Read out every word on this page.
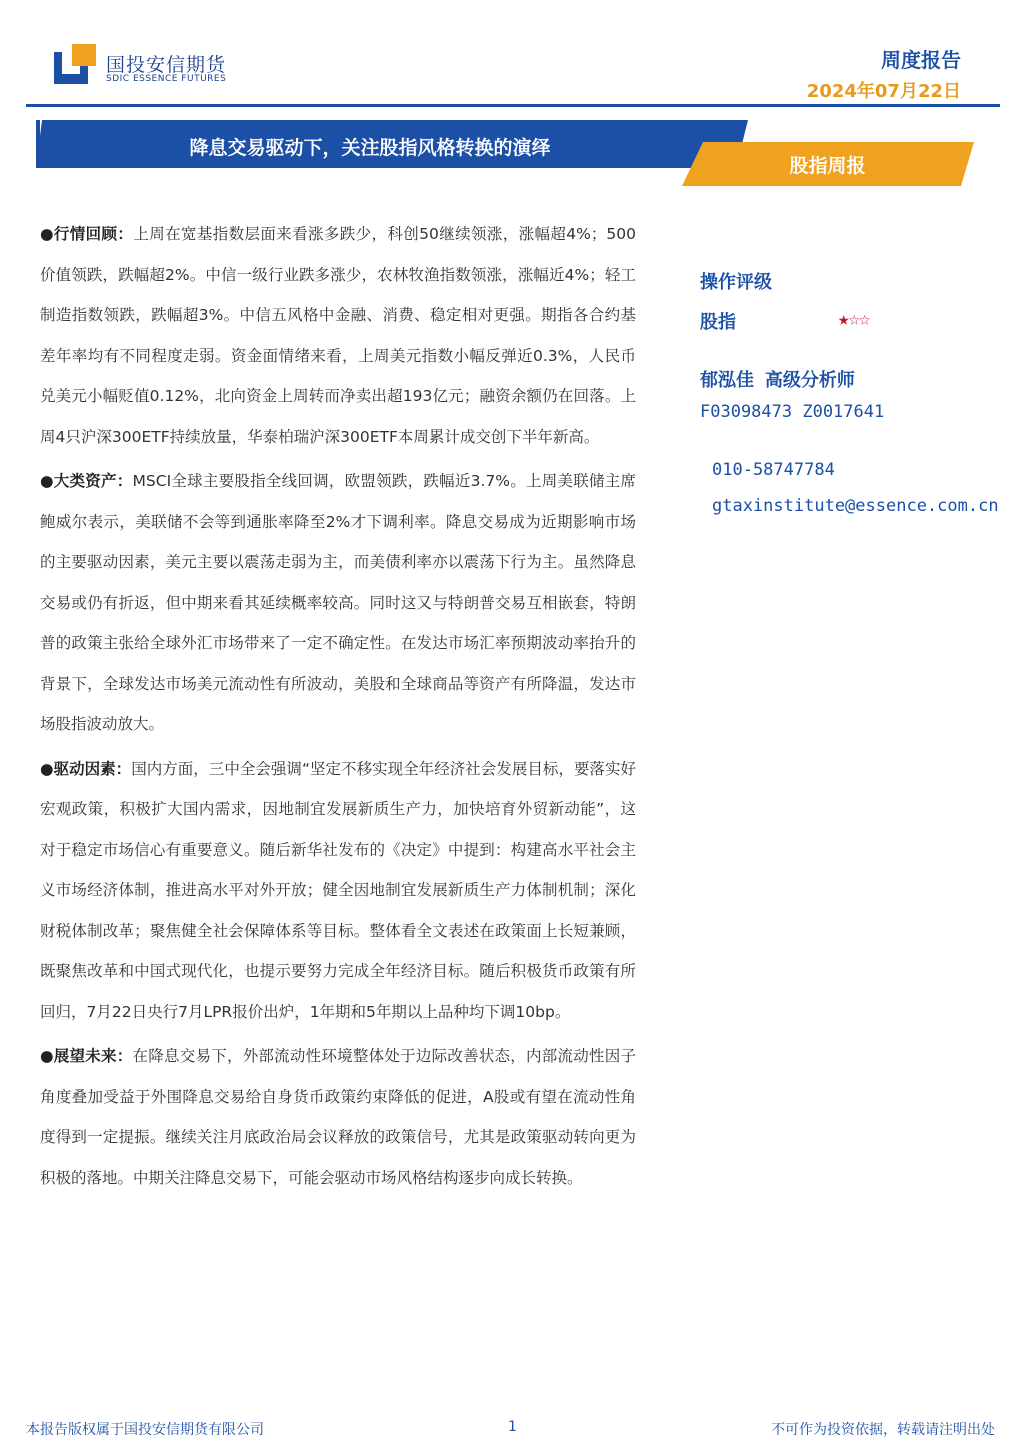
国投安信期货
SDIC ESSENCE FUTURES
周度报告
2024年07月22日
降息交易驱动下，关注股指风格转换的演绎
股指周报

●行情回顾：上周在宽基指数层面来看涨多跌少，科创50继续领涨，涨幅超4%；500价值领跌，跌幅超2%。中信一级行业跌多涨少，农林牧渔指数领涨，涨幅近4%；轻工制造指数领跌，跌幅超3%。中信五风格中金融、消费、稳定相对更强。期指各合约基差年率均有不同程度走弱。资金面情绪来看，上周美元指数小幅反弹近0.3%，人民币兑美元小幅贬值0.12%，北向资金上周转而净卖出超193亿元；融资余额仍在回落。上周4只沪深300ETF持续放量，华泰柏瑞沪深300ETF本周累计成交创下半年新高。

●大类资产：MSCI全球主要股指全线回调，欧盟领跌，跌幅近3.7%。上周美联储主席鲍威尔表示，美联储不会等到通胀率降至2%才下调利率。降息交易成为近期影响市场的主要驱动因素，美元主要以震荡走弱为主，而美债利率亦以震荡下行为主。虽然降息交易或仍有折返，但中期来看其延续概率较高。同时这又与特朗普交易互相嵌套，特朗普的政策主张给全球外汇市场带来了一定不确定性。在发达市场汇率预期波动率抬升的背景下，全球发达市场美元流动性有所波动，美股和全球商品等资产有所降温，发达市场股指波动放大。

●驱动因素：国内方面，三中全会强调“坚定不移实现全年经济社会发展目标，要落实好宏观政策，积极扩大国内需求，因地制宜发展新质生产力，加快培育外贸新动能”，这对于稳定市场信心有重要意义。随后新华社发布的《决定》中提到：构建高水平社会主义市场经济体制，推进高水平对外开放；健全因地制宜发展新质生产力体制机制；深化财税体制改革；聚焦健全社会保障体系等目标。整体看全文表述在政策面上长短兼顾，既聚焦改革和中国式现代化，也提示要努力完成全年经济目标。随后积极货币政策有所回归，7月22日央行7月LPR报价出炉，1年期和5年期以上品种均下调10bp。

●展望未来：在降息交易下，外部流动性环境整体处于边际改善状态，内部流动性因子角度叠加受益于外围降息交易给自身货币政策约束降低的促进，A股或有望在流动性角度得到一定提振。继续关注月底政治局会议释放的政策信号，尤其是政策驱动转向更为积极的落地。中期关注降息交易下，可能会驱动市场风格结构逐步向成长转换。

操作评级
股指	★☆☆
郁泓佳 高级分析师
F03098473 Z0017641
010-58747784
gtaxinstitute@essence.com.cn
本报告版权属于国投安信期货有限公司	1	不可作为投资依据，转载请注明出处
